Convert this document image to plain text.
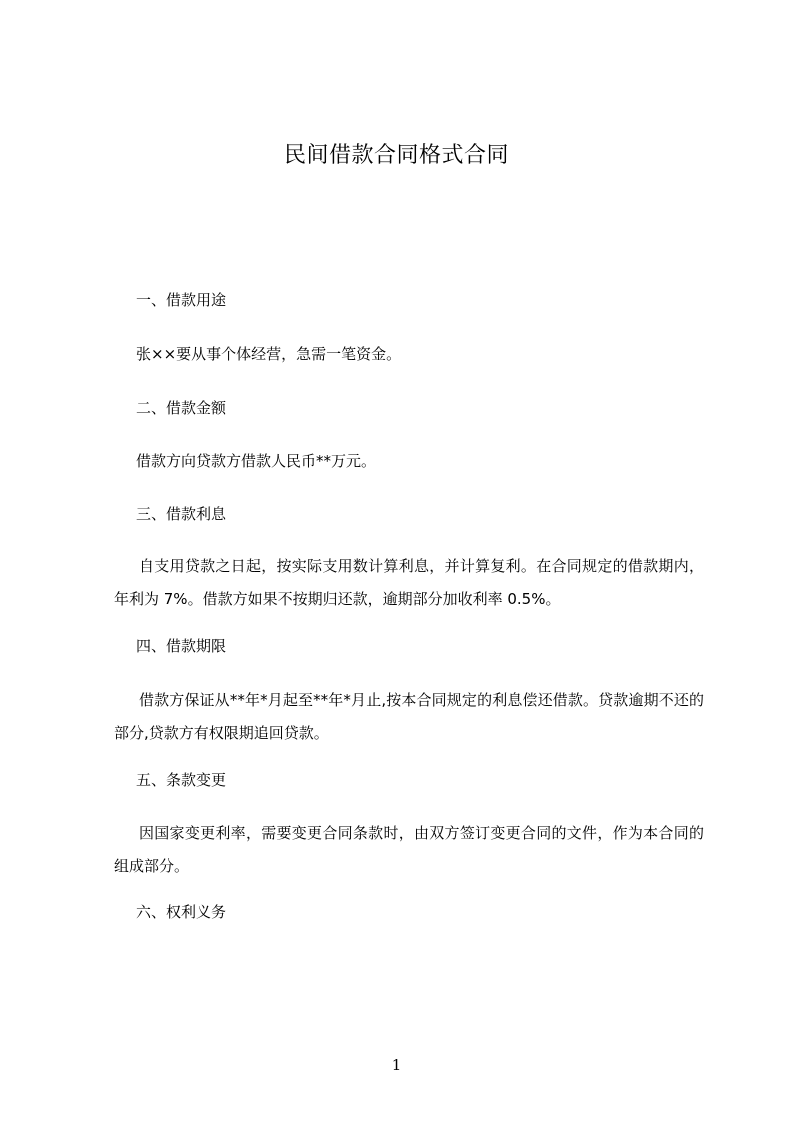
民间借款合同格式合同
一、借款用途
张××要从事个体经营，急需一笔资金。
二、借款金额
借款方向贷款方借款人民币**万元。
三、借款利息
自支用贷款之日起，按实际支用数计算利息，并计算复利。在合同规定的借款期内，年利为 7%。借款方如果不按期归还款，逾期部分加收利率 0.5%。
四、借款期限
借款方保证从**年*月起至**年*月止,按本合同规定的利息偿还借款。贷款逾期不还的部分,贷款方有权限期追回贷款。
五、条款变更
因国家变更利率，需要变更合同条款时，由双方签订变更合同的文件，作为本合同的组成部分。
六、权利义务
1
